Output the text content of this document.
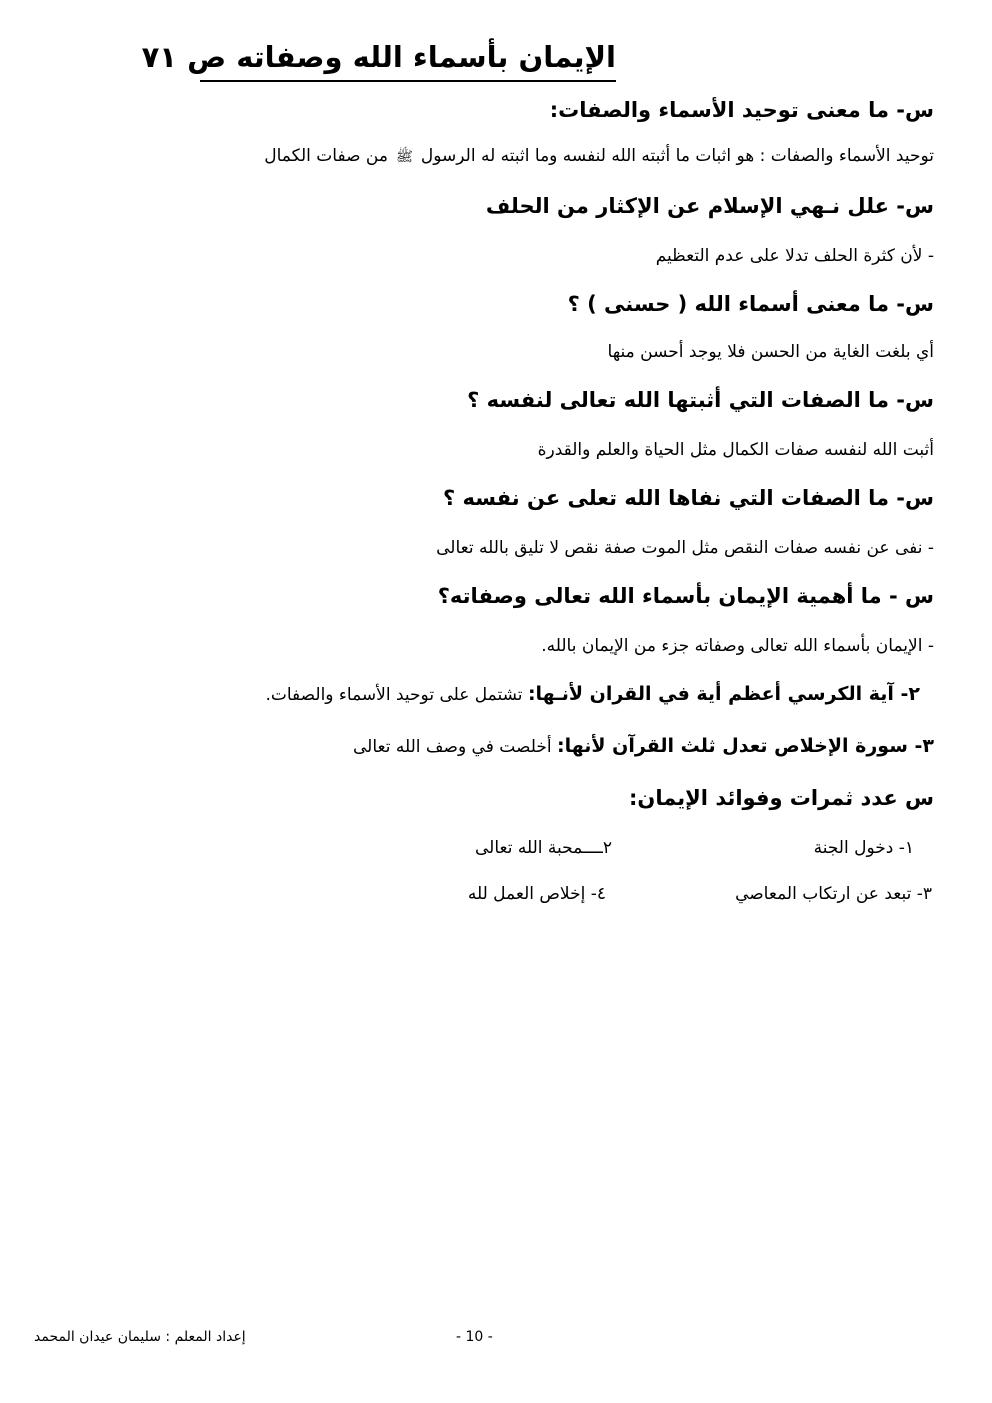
الإيمان بأسماء الله وصفاته ص ٧١
س- ما معنى توحيد الأسماء والصفات:
توحيد الأسماء والصفات : هو اثبات ما أثبته الله لنفسه وما اثبته له الرسولﷺمن صفات الكمال
س- علل نـهي الإسلام عن الإكثار من الحلف
- لأن كثرة الحلف تدلا على عدم التعظيم
س- ما معنى أسماء الله ( حسنى ) ؟
أي بلغت الغاية من الحسن فلا يوجد أحسن منها
س- ما الصفات التي أثبتها الله تعالى لنفسه ؟
أثبت الله لنفسه صفات الكمال مثل الحياة والعلم والقدرة
س- ما الصفات التي نفاها الله تعلى عن نفسه ؟
- نفى عن نفسه صفات النقص مثل الموت صفة نقص لا تليق بالله تعالى
س - ما أهمية الإيمان بأسماء الله تعالى وصفاته؟
- الإيمان بأسماء الله تعالى وصفاته جزء من الإيمان بالله.
٢- آية الكرسي أعظم أية في القران لأنـها: تشتمل على توحيد الأسماء والصفات.
٣- سورة الإخلاص تعدل ثلث القرآن لأنها: أخلصت في وصف الله تعالى
س عدد ثمرات وفوائد الإيمان:
١- دخول الجنة
٢ــــمحبة الله تعالى
٣- تبعد عن ارتكاب المعاصي
٤- إخلاص العمل لله
- 10 -
إعداد المعلم : سليمان عيدان المحمد
